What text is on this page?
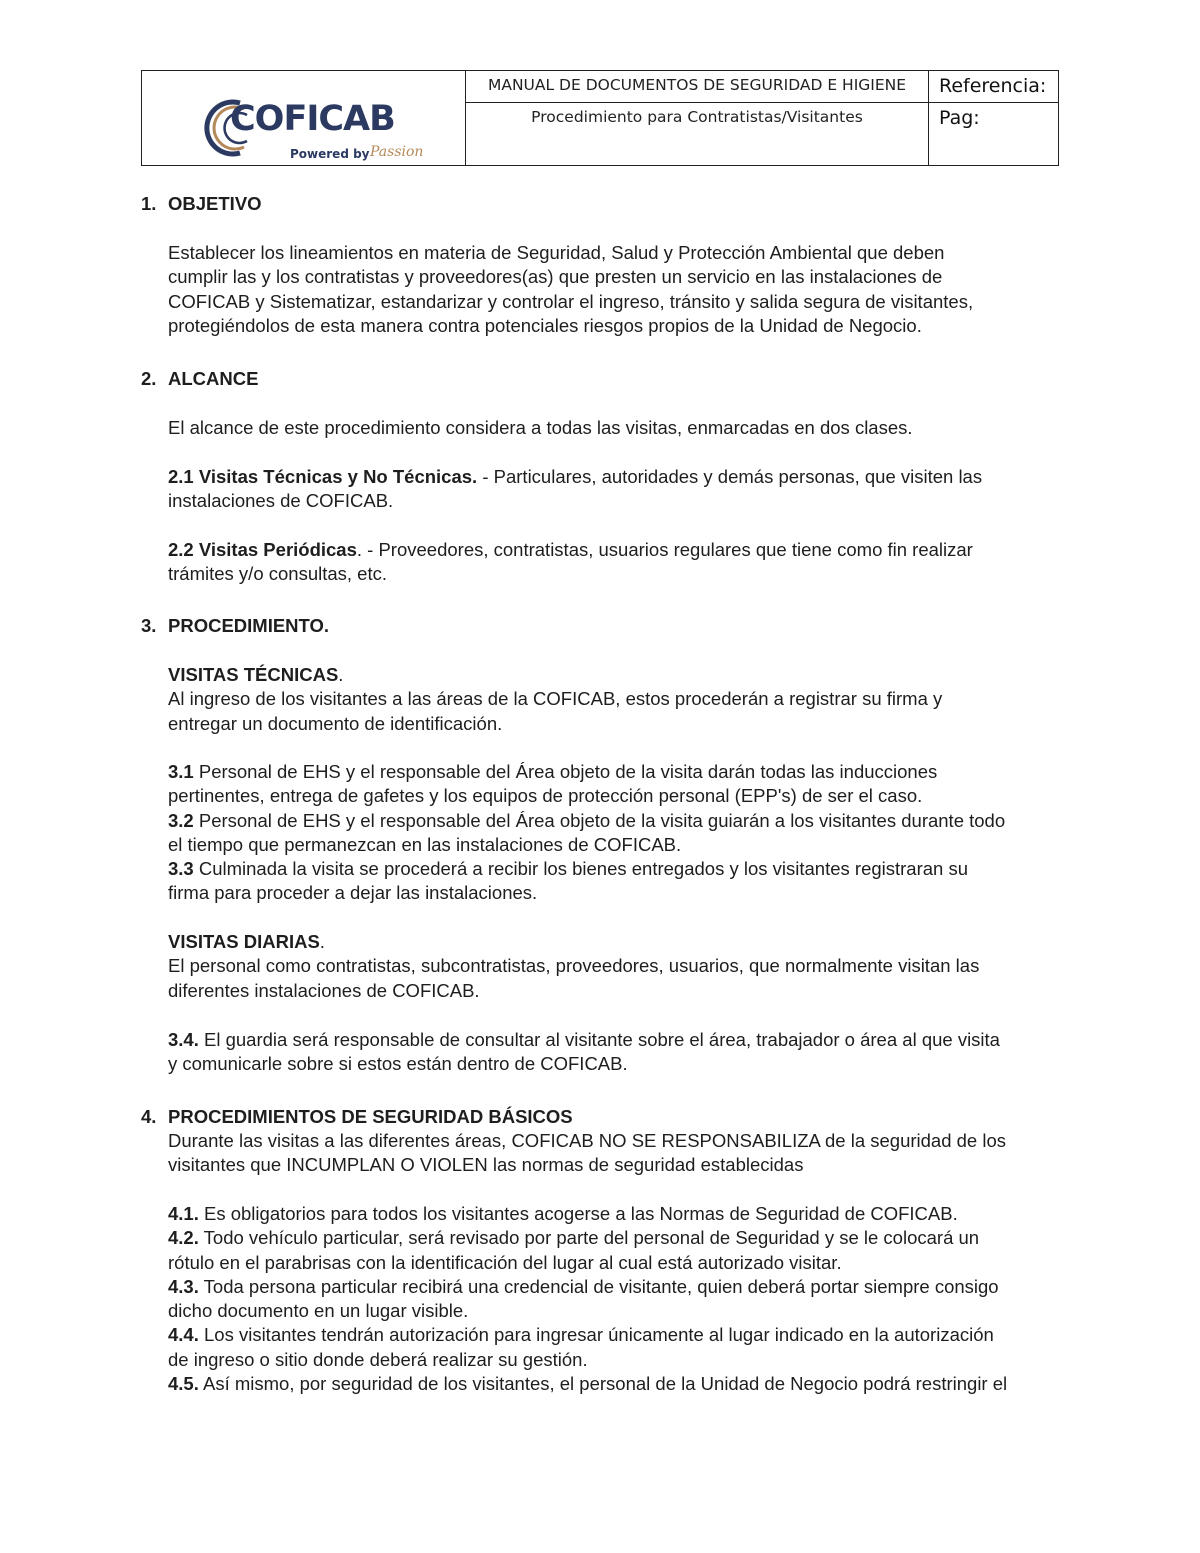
COFICAB
Powered by Passion
MANUAL DE DOCUMENTOS DE SEGURIDAD E HIGIENE
Procedimiento para Contratistas/Visitantes
Referencia:
Pag:
1. OBJETIVO
Establecer los lineamientos en materia de Seguridad, Salud y Protección Ambiental que deben
cumplir las y los contratistas y proveedores(as) que presten un servicio en las instalaciones de
COFICAB y Sistematizar, estandarizar y controlar el ingreso, tránsito y salida segura de visitantes,
protegiéndolos de esta manera contra potenciales riesgos propios de la Unidad de Negocio.
2. ALCANCE
El alcance de este procedimiento considera a todas las visitas, enmarcadas en dos clases.
2.1 Visitas Técnicas y No Técnicas. - Particulares, autoridades y demás personas, que visiten las
instalaciones de COFICAB.
2.2 Visitas Periódicas. - Proveedores, contratistas, usuarios regulares que tiene como fin realizar
trámites y/o consultas, etc.
3. PROCEDIMIENTO.
VISITAS TÉCNICAS.
Al ingreso de los visitantes a las áreas de la COFICAB, estos procederán a registrar su firma y
entregar un documento de identificación.
3.1 Personal de EHS y el responsable del Área objeto de la visita darán todas las inducciones
pertinentes, entrega de gafetes y los equipos de protección personal (EPP's) de ser el caso.
3.2 Personal de EHS y el responsable del Área objeto de la visita guiarán a los visitantes durante todo
el tiempo que permanezcan en las instalaciones de COFICAB.
3.3 Culminada la visita se procederá a recibir los bienes entregados y los visitantes registraran su
firma para proceder a dejar las instalaciones.
VISITAS DIARIAS.
El personal como contratistas, subcontratistas, proveedores, usuarios, que normalmente visitan las
diferentes instalaciones de COFICAB.
3.4. El guardia será responsable de consultar al visitante sobre el área, trabajador o área al que visita
y comunicarle sobre si estos están dentro de COFICAB.
4. PROCEDIMIENTOS DE SEGURIDAD BÁSICOS
Durante las visitas a las diferentes áreas, COFICAB NO SE RESPONSABILIZA de la seguridad de los
visitantes que INCUMPLAN O VIOLEN las normas de seguridad establecidas
4.1. Es obligatorios para todos los visitantes acogerse a las Normas de Seguridad de COFICAB.
4.2. Todo vehículo particular, será revisado por parte del personal de Seguridad y se le colocará un
rótulo en el parabrisas con la identificación del lugar al cual está autorizado visitar.
4.3. Toda persona particular recibirá una credencial de visitante, quien deberá portar siempre consigo
dicho documento en un lugar visible.
4.4. Los visitantes tendrán autorización para ingresar únicamente al lugar indicado en la autorización
de ingreso o sitio donde deberá realizar su gestión.
4.5. Así mismo, por seguridad de los visitantes, el personal de la Unidad de Negocio podrá restringir el
